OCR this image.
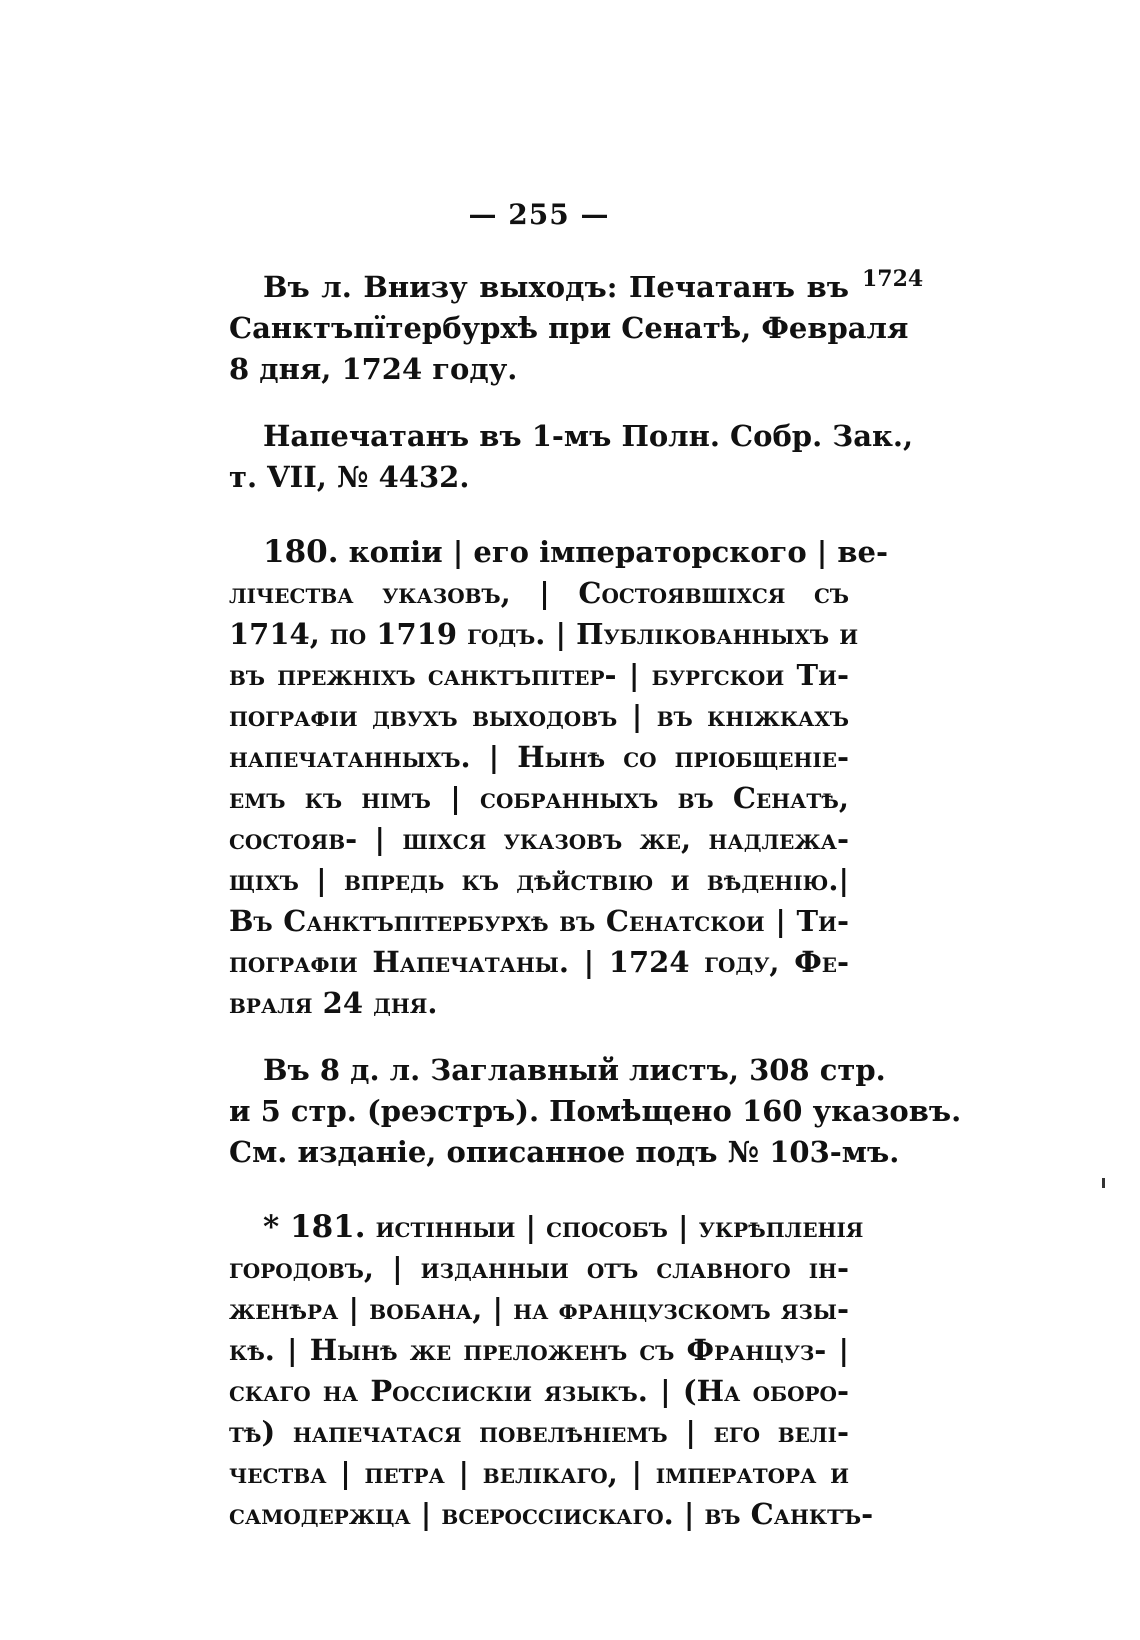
1724
— 255 —
Въ л. Внизу выходъ: Печатанъ въ
Санктъпїтербурхѣ при Сенатѣ, Февраля
8 дня, 1724 году.
Напечатанъ въ 1-мъ Полн. Собр. Зак.,
т. VII, № 4432.
180. копiи | его iмператорского | ве-
лiчества указовъ, | Состоявшiхся съ
1714, по 1719 годъ. | Публiкованныхъ и
въ прежнiхъ санктъпiтер- | бургскои Ти-
пографiи двухъ выходовъ | въ кнiжкахъ
напечатанныхъ. | Нынѣ со прiобщенiе-
емъ къ нiмъ | собранныхъ въ Сенатѣ,
состояв- | шiхся указовъ же, надлежа-
щiхъ | впредь къ дѣйствiю и вѣденiю.|
Въ Санктъпiтербурхѣ въ Сенатскои | Ти-
пографiи Напечатаны. | 1724 году, Фе-
враля 24 дня.
Въ 8 д. л. Заглавный листъ, 308 стр.
и 5 стр. (реэстръ). Помѣщено 160 указовъ.
См. изданiе, описанное подъ № 103-мъ.
* 181. истiнныи | способъ | укрѣпленiя
городовъ, | изданныи отъ славного iн-
женѣра | вобана, | на французскомъ язы-
кѣ. | Нынѣ же преложенъ съ Француз- |
скаго на Россiискiи языкъ. | (На оборо-
тѣ) напечатася повелѣнiемъ | его велi-
чества | петра | велiкаго, | iмператора и
самодержца | всероссiискаго. | въ Санктъ-
